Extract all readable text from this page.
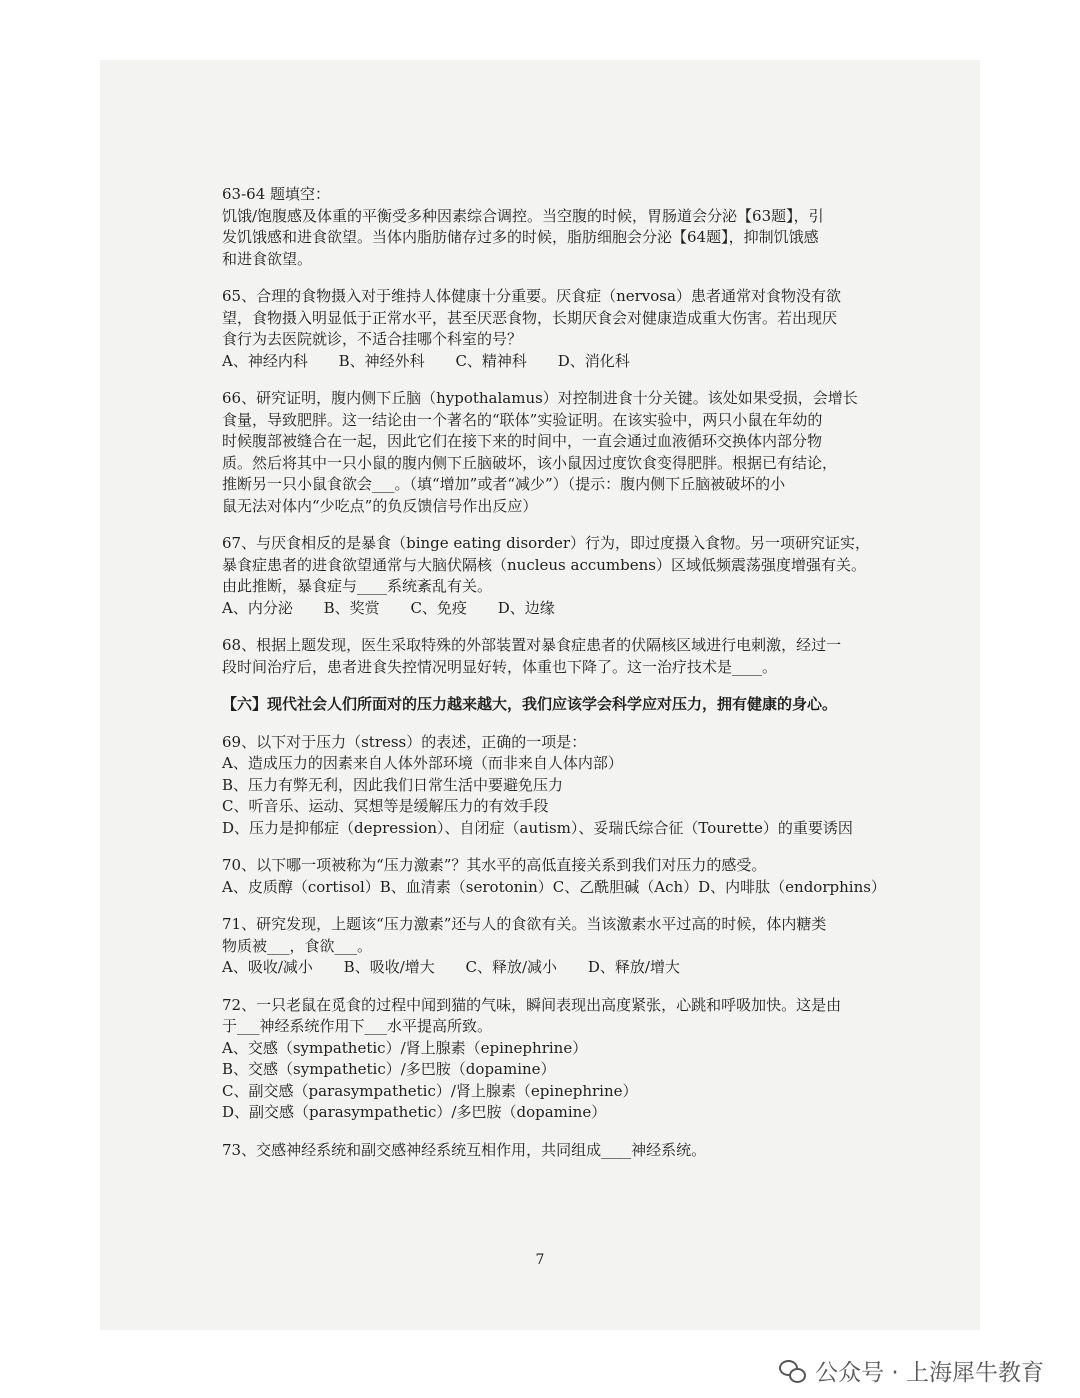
63-64 题填空：
饥饿/饱腹感及体重的平衡受多种因素综合调控。当空腹的时候，胃肠道会分泌【63题】，引
发饥饿感和进食欲望。当体内脂肪储存过多的时候，脂肪细胞会分泌【64题】，抑制饥饿感
和进食欲望。
65、合理的食物摄入对于维持人体健康十分重要。厌食症（nervosa）患者通常对食物没有欲
望，食物摄入明显低于正常水平，甚至厌恶食物，长期厌食会对健康造成重大伤害。若出现厌
食行为去医院就诊，不适合挂哪个科室的号？
A、神经内科 B、神经外科 C、精神科 D、消化科
66、研究证明，腹内侧下丘脑（hypothalamus）对控制进食十分关键。该处如果受损，会增长
食量，导致肥胖。这一结论由一个著名的“联体”实验证明。在该实验中，两只小鼠在年幼的
时候腹部被缝合在一起，因此它们在接下来的时间中，一直会通过血液循环交换体内部分物
质。然后将其中一只小鼠的腹内侧下丘脑破坏，该小鼠因过度饮食变得肥胖。根据已有结论，
推断另一只小鼠食欲会___。（填“增加”或者“减少”）（提示：腹内侧下丘脑被破坏的小
鼠无法对体内“少吃点”的负反馈信号作出反应）
67、与厌食相反的是暴食（binge eating disorder）行为，即过度摄入食物。另一项研究证实，
暴食症患者的进食欲望通常与大脑伏隔核（nucleus accumbens）区域低频震荡强度增强有关。
由此推断，暴食症与____系统紊乱有关。
A、内分泌 B、奖赏 C、免疫 D、边缘
68、根据上题发现，医生采取特殊的外部装置对暴食症患者的伏隔核区域进行电刺激，经过一
段时间治疗后，患者进食失控情况明显好转，体重也下降了。这一治疗技术是____。
【六】现代社会人们所面对的压力越来越大，我们应该学会科学应对压力，拥有健康的身心。
69、以下对于压力（stress）的表述，正确的一项是：
A、造成压力的因素来自人体外部环境（而非来自人体内部）
B、压力有弊无利，因此我们日常生活中要避免压力
C、听音乐、运动、冥想等是缓解压力的有效手段
D、压力是抑郁症（depression）、自闭症（autism）、妥瑞氏综合征（Tourette）的重要诱因
70、以下哪一项被称为“压力激素”？其水平的高低直接关系到我们对压力的感受。
A、皮质醇（cortisol）B、血清素（serotonin）C、乙酰胆碱（Ach）D、内啡肽（endorphins）
71、研究发现，上题该“压力激素”还与人的食欲有关。当该激素水平过高的时候，体内糖类
物质被___，食欲___。
A、吸收/减小 B、吸收/增大 C、释放/减小 D、释放/增大
72、一只老鼠在觅食的过程中闻到猫的气味，瞬间表现出高度紧张，心跳和呼吸加快。这是由
于___神经系统作用下___水平提高所致。
A、交感（sympathetic）/肾上腺素（epinephrine）
B、交感（sympathetic）/多巴胺（dopamine）
C、副交感（parasympathetic）/肾上腺素（epinephrine）
D、副交感（parasympathetic）/多巴胺（dopamine）
73、交感神经系统和副交感神经系统互相作用，共同组成____神经系统。
7
公众号 · 上海犀牛教育
